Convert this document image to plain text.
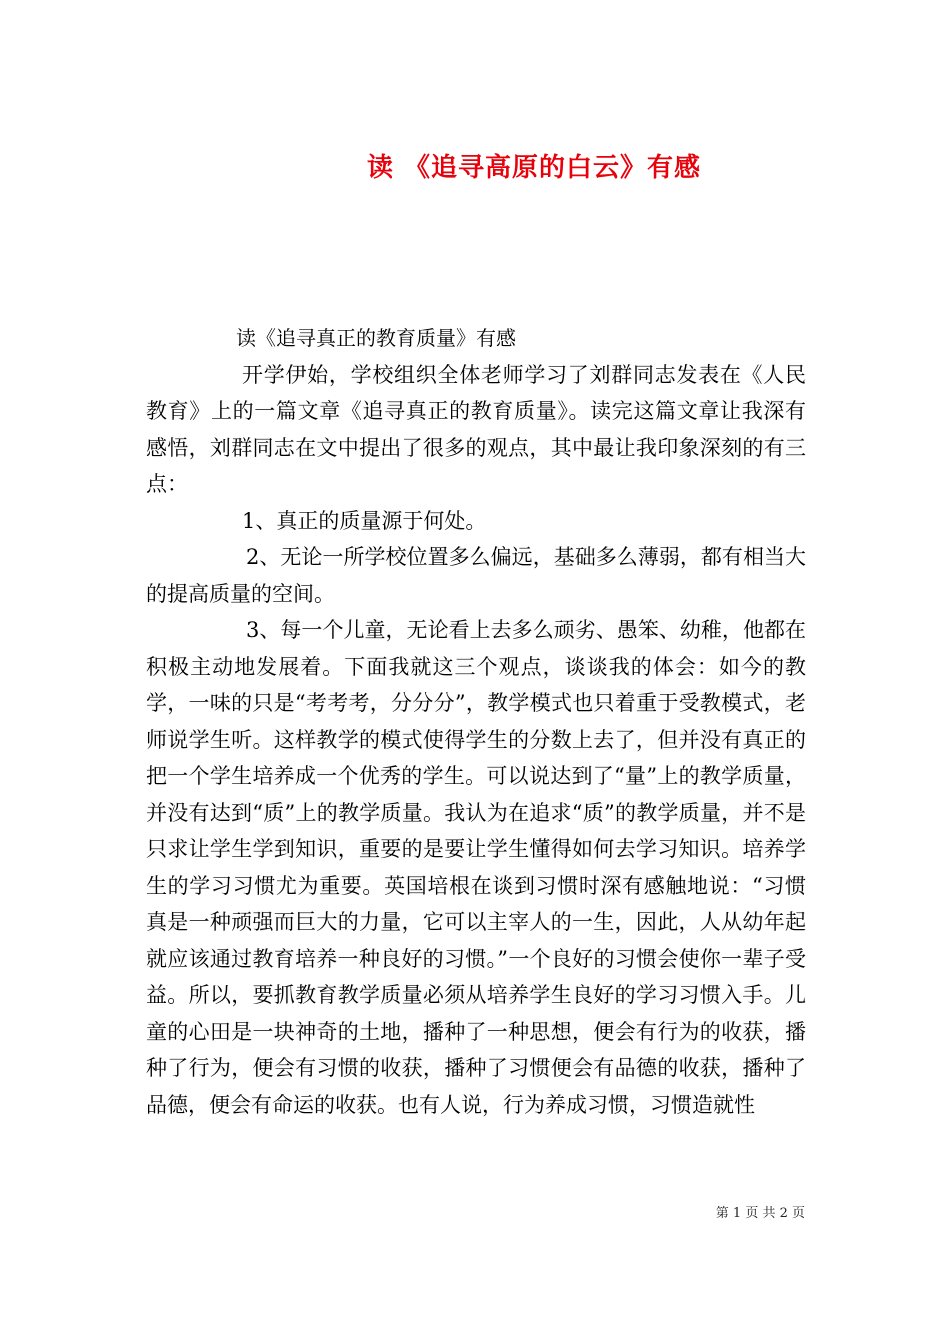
读 《追寻高原的白云》有感

读《追寻真正的教育质量》有感

开学伊始，学校组织全体老师学习了刘群同志发表在《人民教育》上的一篇文章《追寻真正的教育质量》。读完这篇文章让我深有感悟，刘群同志在文中提出了很多的观点，其中最让我印象深刻的有三点：

1、真正的质量源于何处。

2、无论一所学校位置多么偏远，基础多么薄弱，都有相当大的提高质量的空间。

3、每一个儿童，无论看上去多么顽劣、愚笨、幼稚，他都在积极主动地发展着。下面我就这三个观点，谈谈我的体会：如今的教学，一味的只是“考考考，分分分”，教学模式也只着重于受教模式，老师说学生听。这样教学的模式使得学生的分数上去了，但并没有真正的把一个学生培养成一个优秀的学生。可以说达到了“量”上的教学质量，并没有达到“质”上的教学质量。我认为在追求“质”的教学质量，并不是只求让学生学到知识，重要的是要让学生懂得如何去学习知识。培养学生的学习习惯尤为重要。英国培根在谈到习惯时深有感触地说：“习惯真是一种顽强而巨大的力量，它可以主宰人的一生，因此，人从幼年起就应该通过教育培养一种良好的习惯。”一个良好的习惯会使你一辈子受益。所以，要抓教育教学质量必须从培养学生良好的学习习惯入手。儿童的心田是一块神奇的土地，播种了一种思想，便会有行为的收获，播种了行为，便会有习惯的收获，播种了习惯便会有品德的收获，播种了品德，便会有命运的收获。也有人说，行为养成习惯，习惯造就性

第 1 页 共 2 页
